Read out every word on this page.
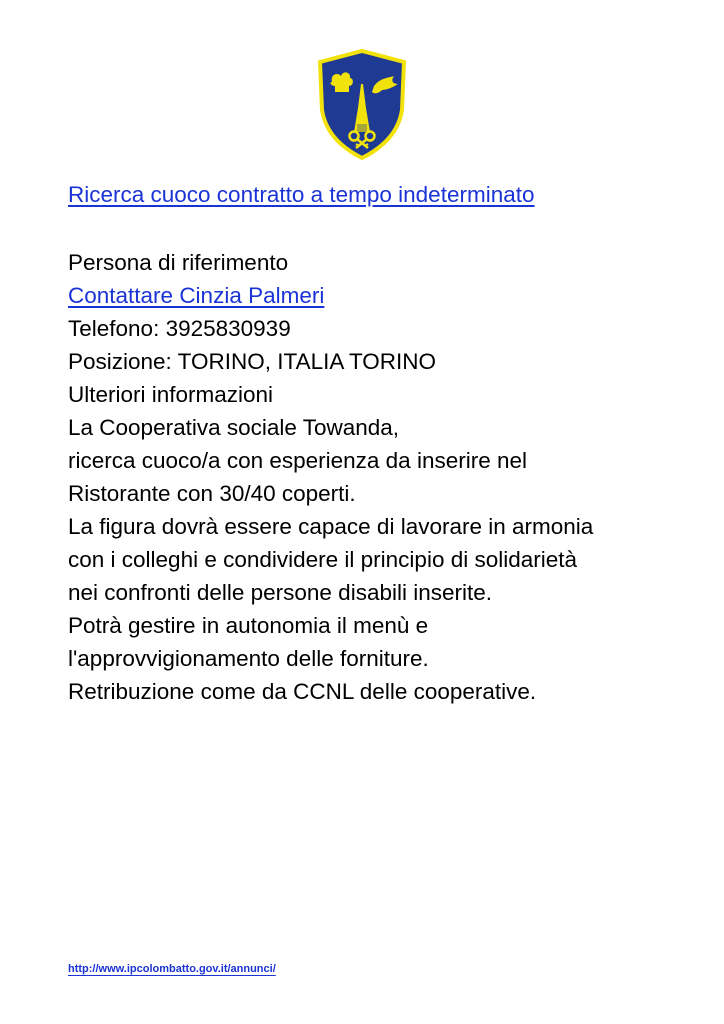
Ricerca cuoco contratto a tempo indeterminato
Persona di riferimento
Contattare Cinzia Palmeri
Telefono: 3925830939
Posizione: TORINO, ITALIA TORINO
Ulteriori informazioni
La Cooperativa sociale Towanda,
ricerca cuoco/a con esperienza da inserire nel
Ristorante con 30/40 coperti.
La figura dovrà essere capace di lavorare in armonia
con i colleghi e condividere il principio di solidarietà
nei confronti delle persone disabili inserite.
Potrà gestire in autonomia il menù e
l'approvvigionamento delle forniture.
Retribuzione come da CCNL delle cooperative.
http://www.ipcolombatto.gov.it/annunci/
